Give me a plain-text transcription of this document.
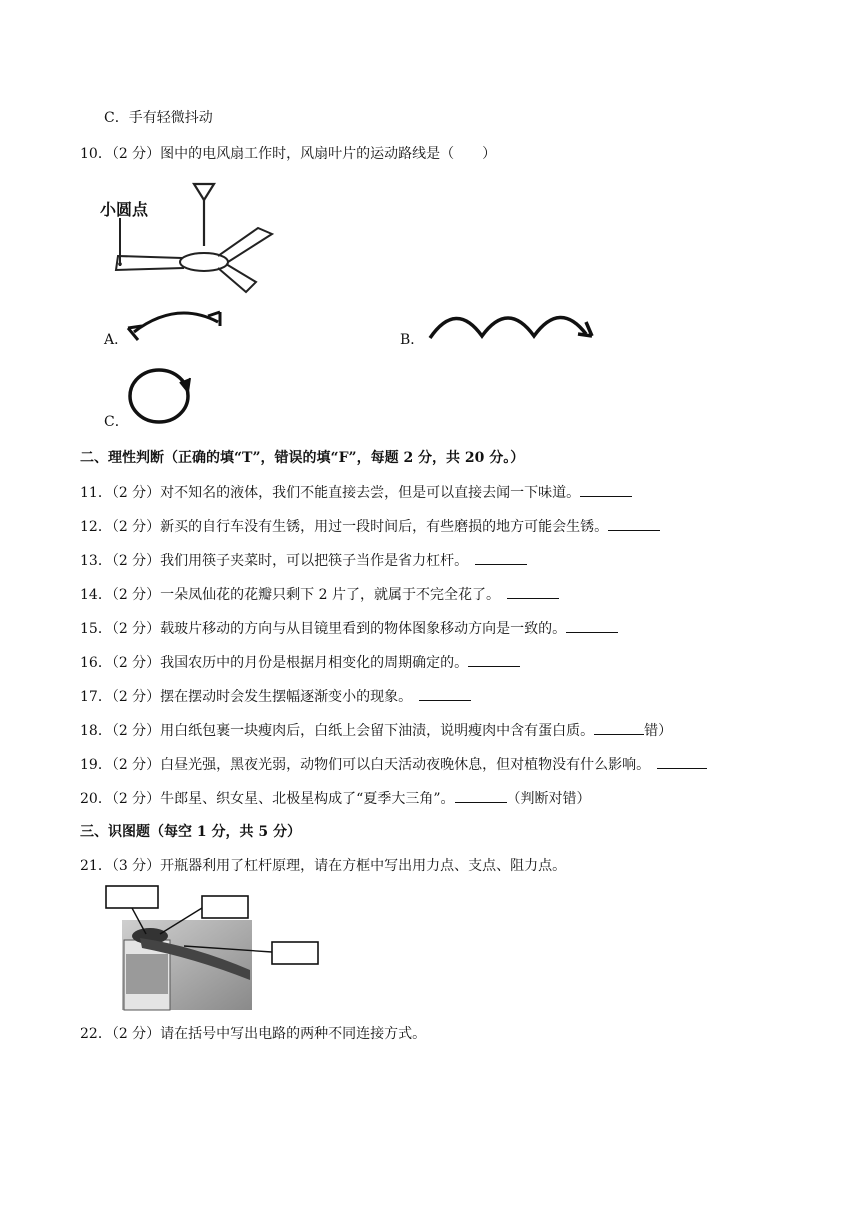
C．手有轻微抖动
10．（2 分）图中的电风扇工作时，风扇叶片的运动路线是（　　）
小圆点
A．	B．
C．
二、理性判断（正确的填“T”，错误的填“F”，每题 2 分，共 20 分。）
11．（2 分）对不知名的液体，我们不能直接去尝，但是可以直接去闻一下味道。
12．（2 分）新买的自行车没有生锈，用过一段时间后，有些磨损的地方可能会生锈。
13．（2 分）我们用筷子夹菜时，可以把筷子当作是省力杠杆。　
14．（2 分）一朵凤仙花的花瓣只剩下 2 片了，就属于不完全花了。　
15．（2 分）载玻片移动的方向与从目镜里看到的物体图象移动方向是一致的。
16．（2 分）我国农历中的月份是根据月相变化的周期确定的。
17．（2 分）摆在摆动时会发生摆幅逐渐变小的现象。　
18．（2 分）用白纸包裹一块瘦肉后，白纸上会留下油渍，说明瘦肉中含有蛋白质。	错）
19．（2 分）白昼光强，黑夜光弱，动物们可以白天活动夜晚休息，但对植物没有什么影响。　
20．（2 分）牛郎星、织女星、北极星构成了“夏季大三角”。	（判断对错）
三、识图题（每空 1 分，共 5 分）
21．（3 分）开瓶器利用了杠杆原理，请在方框中写出用力点、支点、阻力点。
22．（2 分）请在括号中写出电路的两种不同连接方式。
